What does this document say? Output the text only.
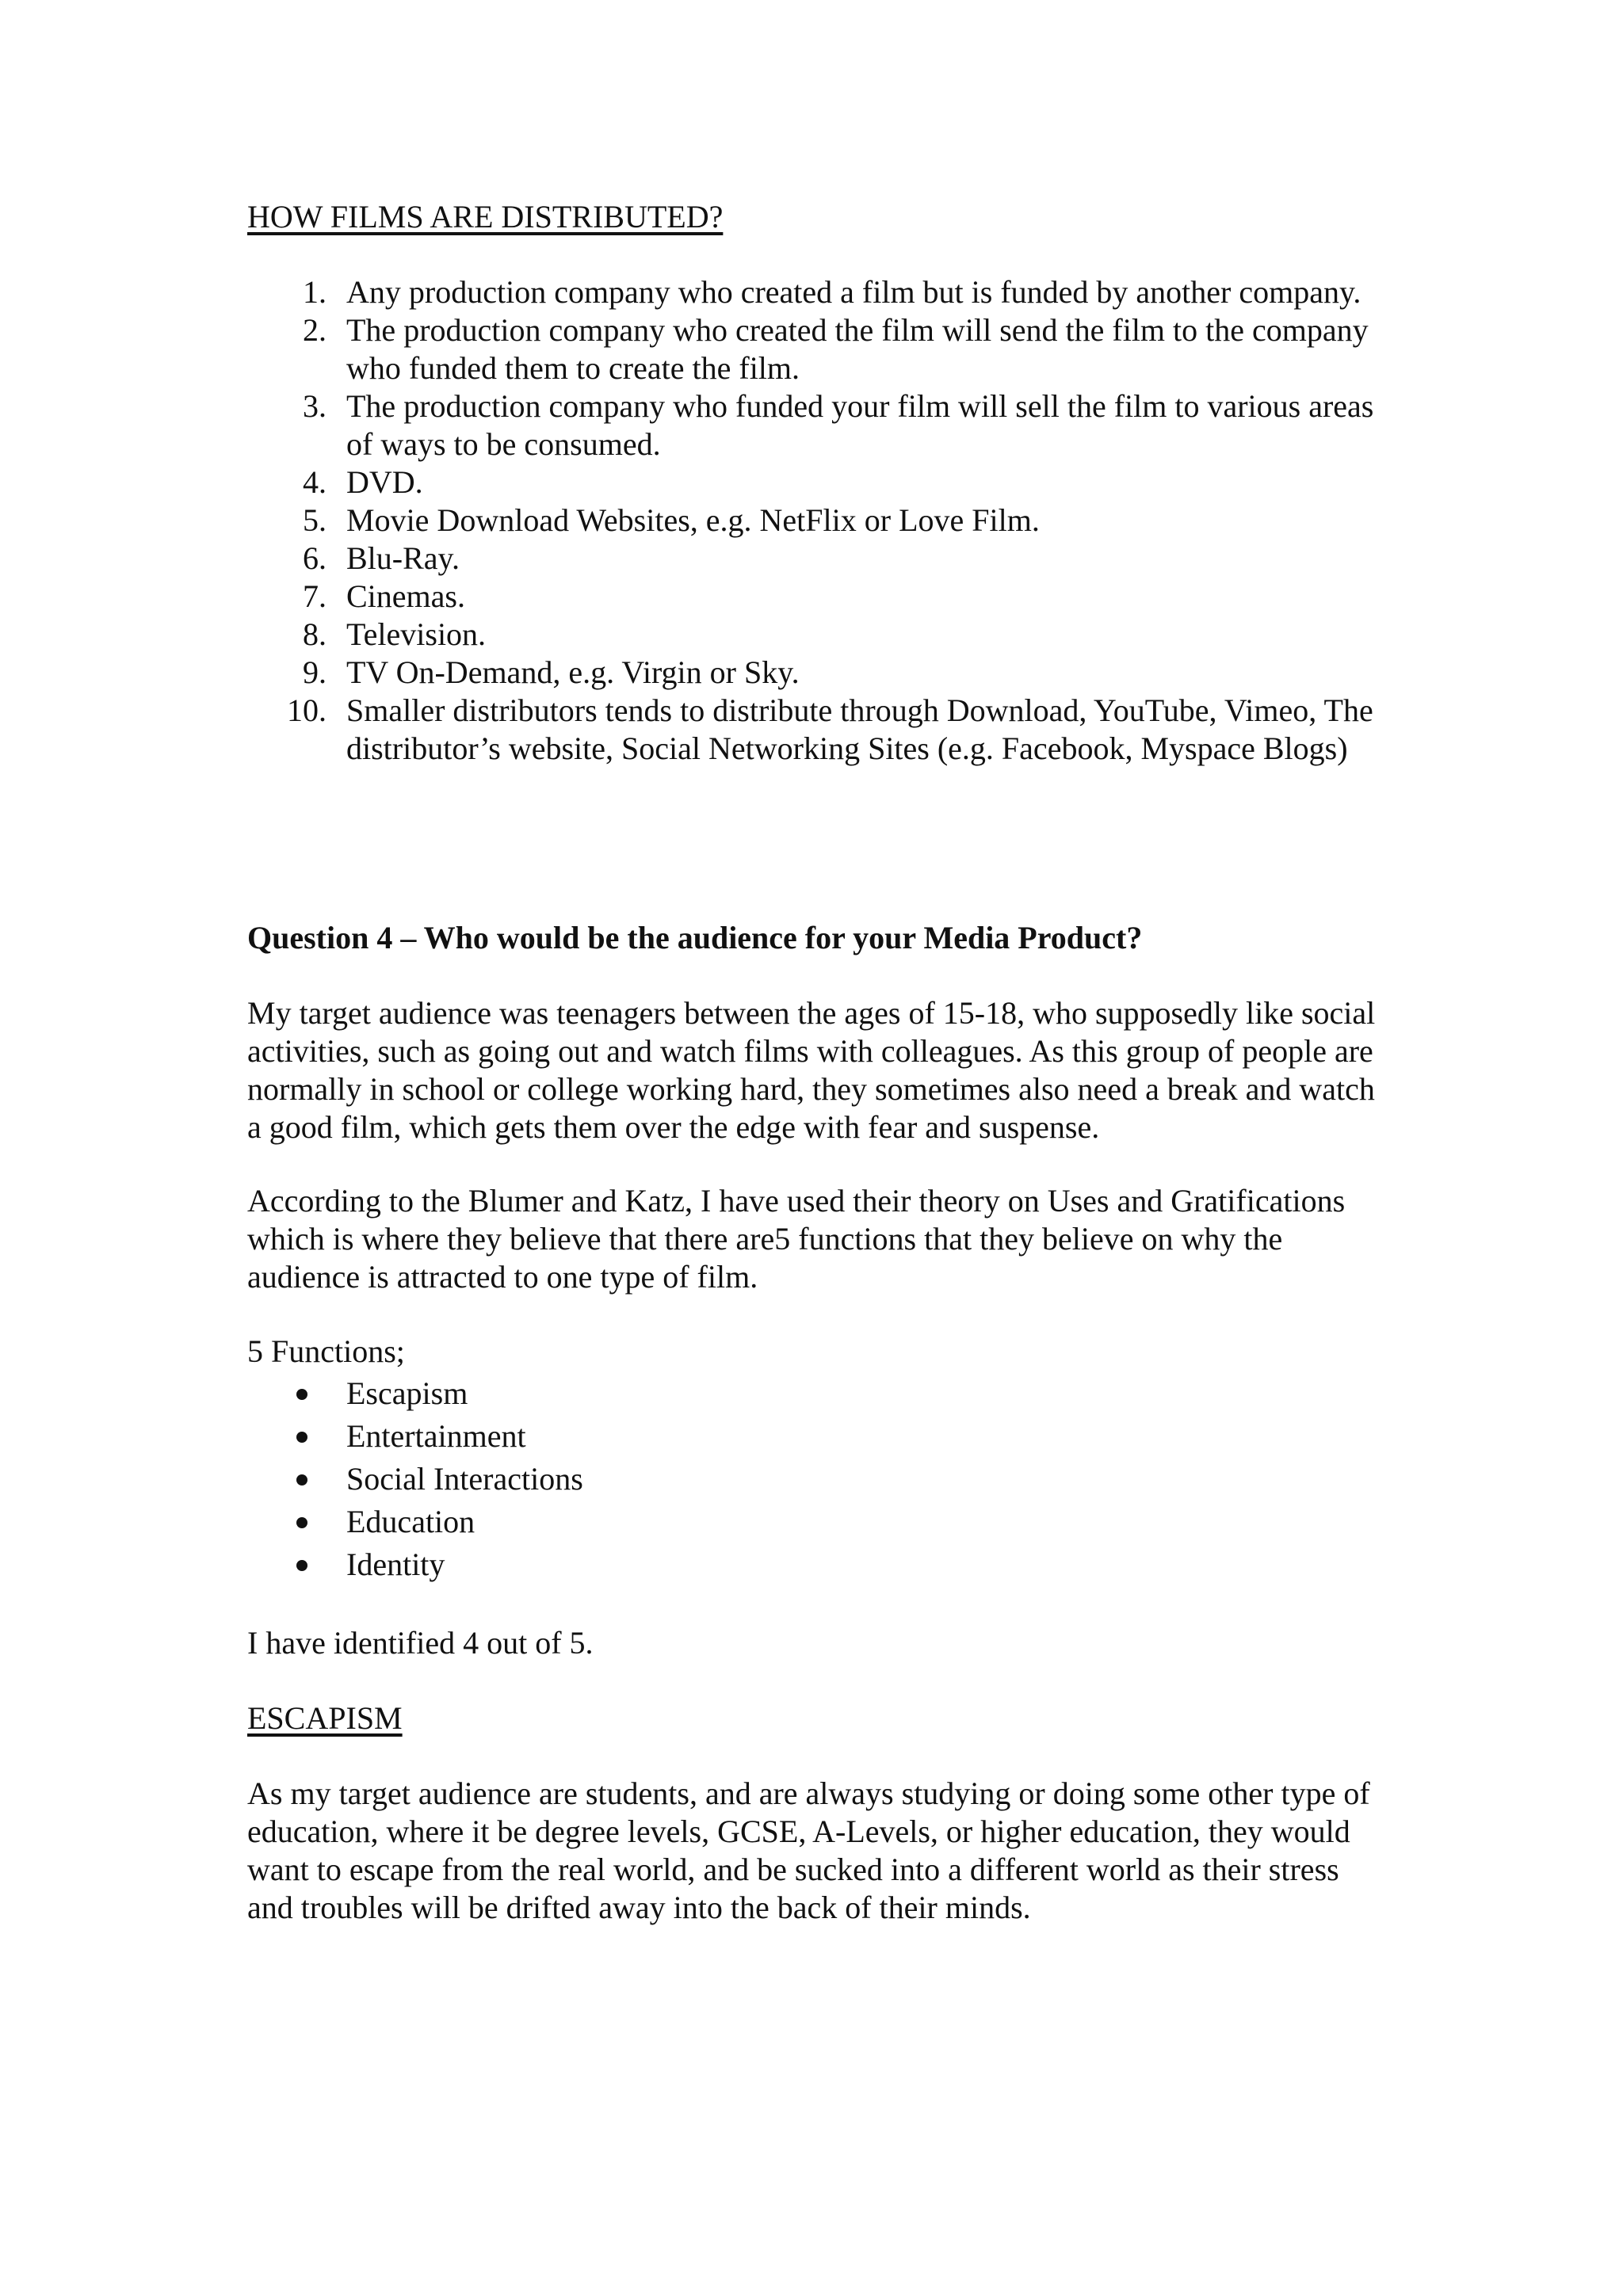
HOW FILMS ARE DISTRIBUTED?
1. Any production company who created a film but is funded by another company.
2. The production company who created the film will send the film to the company who funded them to create the film.
3. The production company who funded your film will sell the film to various areas of ways to be consumed.
4. DVD.
5. Movie Download Websites, e.g. NetFlix or Love Film.
6. Blu-Ray.
7. Cinemas.
8. Television.
9. TV On-Demand, e.g. Virgin or Sky.
10. Smaller distributors tends to distribute through Download, YouTube, Vimeo, The distributor’s website, Social Networking Sites (e.g. Facebook, Myspace Blogs)
Question 4 – Who would be the audience for your Media Product?
My target audience was teenagers between the ages of 15-18, who supposedly like social activities, such as going out and watch films with colleagues. As this group of people are normally in school or college working hard, they sometimes also need a break and watch a good film, which gets them over the edge with fear and suspense.
According to the Blumer and Katz, I have used their theory on Uses and Gratifications which is where they believe that there are5 functions that they believe on why the audience is attracted to one type of film.
5 Functions;
Escapism
Entertainment
Social Interactions
Education
Identity
I have identified 4 out of 5.
ESCAPISM
As my target audience are students, and are always studying or doing some other type of education, where it be degree levels, GCSE, A-Levels, or higher education, they would want to escape from the real world, and be sucked into a different world as their stress and troubles will be drifted away into the back of their minds.
